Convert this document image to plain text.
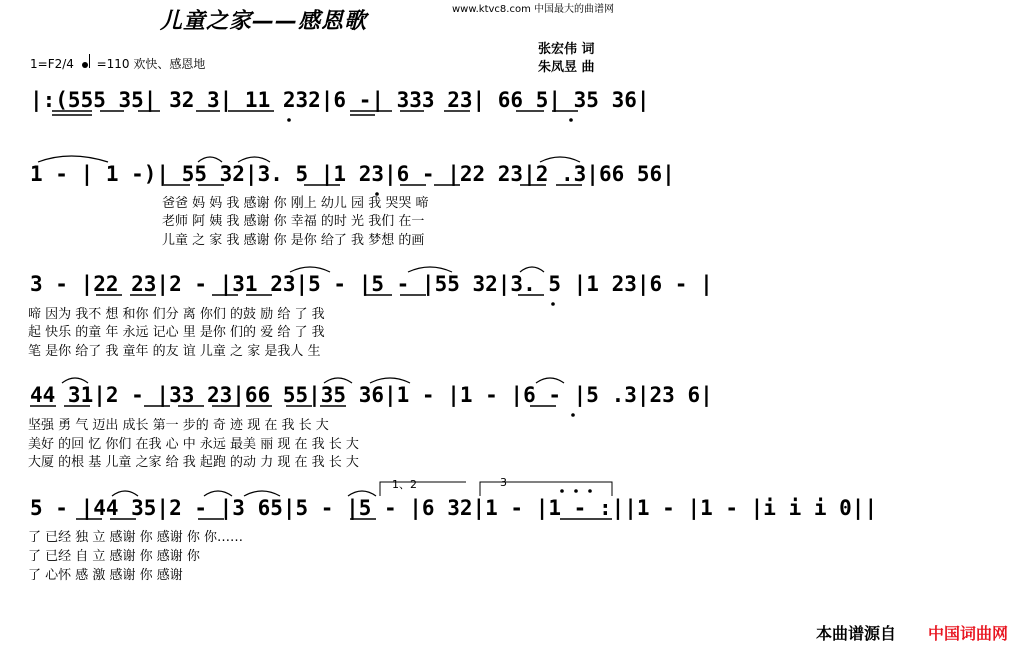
儿童之家——感恩歌	www.ktvc8.com 中国最大的曲谱网
张宏伟 词
朱凤昱 曲
1=F2/4 =110 欢快、感恩地
|:(555 35| 32 3| 11 232|6 -| 333 23| 66 5| 35 36|
1 - | 1 -)| 55 32|3. 5 |1 23|6 - |22 23|2 .3|66 56|
3 - |22 23|2 - |31 23|5 - |5 - |55 32|3. 5 |1 23|6 - |
44 31|2 - |33 23|66 55|35 36|1 - |1 - |6 - |5 .3|23 6|
5 - |44 35|2 - |3 65|5 - |5 - |6 32|1 - |1 - :||1 - |1 - |i i i 0||
爸爸 妈 妈 我 感谢 你 刚上 幼儿 园 我 哭哭 啼
老师 阿 姨 我 感谢 你 幸福 的时 光 我们 在一
儿童 之 家 我 感谢 你 是你 给了 我 梦想 的画
啼 因为 我不 想 和你 们分 离 你们 的鼓 励 给 了 我
起 快乐 的童 年 永远 记心 里 是你 们的 爱 给 了 我
笔 是你 给了 我 童年 的友 谊 儿童 之 家 是我人 生
坚强 勇 气 迈出 成长 第一 步的 奇 迹 现 在 我 长 大
美好 的回 忆 你们 在我 心 中 永远 最美 丽 现 在 我 长 大
大厦 的根 基 儿童 之家 给 我 起跑 的动 力 现 在 我 长 大
了 已经 独 立 感谢 你 感谢 你 你……
了 已经 自 立 感谢 你 感谢 你
了 心怀 感 激 感谢 你 感谢
1、2	3
本曲谱源自 中国词曲网
